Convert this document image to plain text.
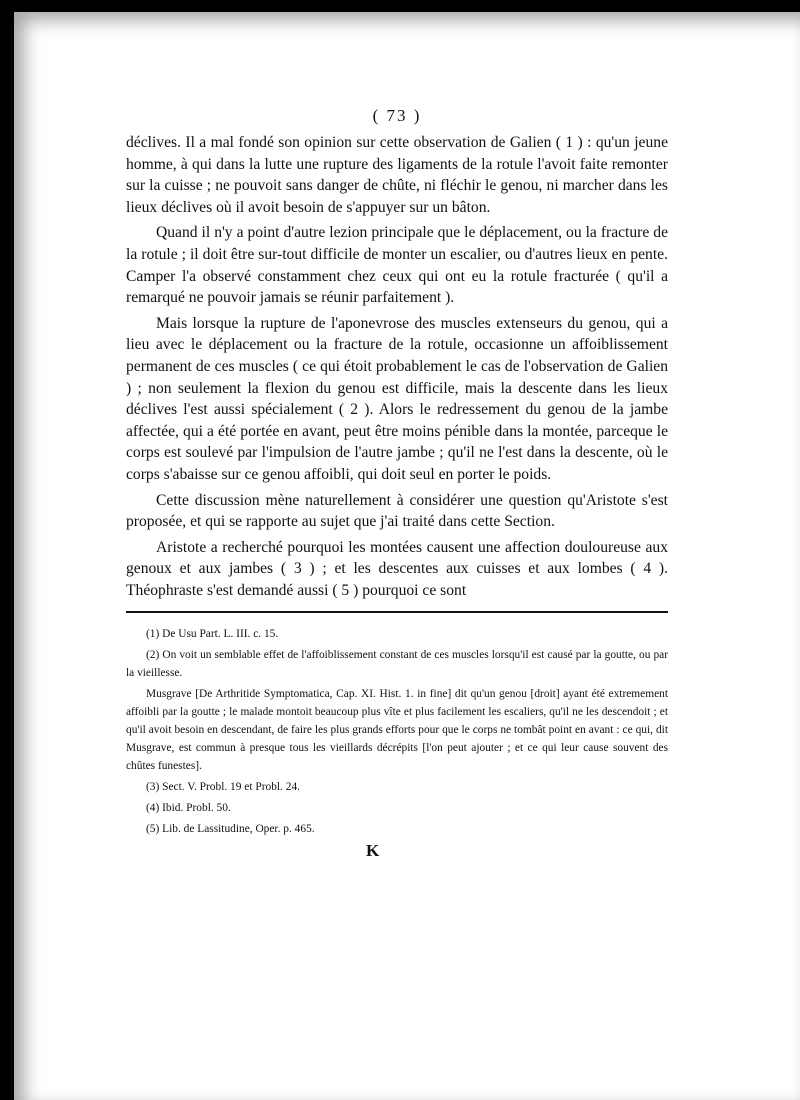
( 73 )

déclives. Il a mal fondé son opinion sur cette observation de Galien ( 1 ) : qu'un jeune homme, à qui dans la lutte une rupture des ligaments de la rotule l'avoit faite remonter sur la cuisse ; ne pouvoit sans danger de chûte, ni fléchir le genou, ni marcher dans les lieux déclives où il avoit besoin de s'appuyer sur un bâton.

Quand il n'y a point d'autre lezion principale que le déplacement, ou la fracture de la rotule ; il doit être sur-tout difficile de monter un escalier, ou d'autres lieux en pente. Camper l'a observé constamment chez ceux qui ont eu la rotule fracturée ( qu'il a remarqué ne pouvoir jamais se réunir parfaitement ).

Mais lorsque la rupture de l'aponevrose des muscles extenseurs du genou, qui a lieu avec le déplacement ou la fracture de la rotule, occasionne un affoiblissement permanent de ces muscles ( ce qui étoit probablement le cas de l'observation de Galien ) ; non seulement la flexion du genou est difficile, mais la descente dans les lieux déclives l'est aussi spécialement ( 2 ). Alors le redressement du genou de la jambe affectée, qui a été portée en avant, peut être moins pénible dans la montée, parceque le corps est soulevé par l'impulsion de l'autre jambe ; qu'il ne l'est dans la descente, où le corps s'abaisse sur ce genou affoibli, qui doit seul en porter le poids.

Cette discussion mène naturellement à considérer une question qu'Aristote s'est proposée, et qui se rapporte au sujet que j'ai traité dans cette Section.

Aristote a recherché pourquoi les montées causent une affection douloureuse aux genoux et aux jambes ( 3 ) ; et les descentes aux cuisses et aux lombes ( 4 ). Théophraste s'est demandé aussi ( 5 ) pourquoi ce sont

(1) De Usu Part. L. III. c. 15.

(2) On voit un semblable effet de l'affoiblissement constant de ces muscles lorsqu'il est causé par la goutte, ou par la vieillesse.

Musgrave [De Arthritide Symptomatica, Cap. XI. Hist. 1. in fine] dit qu'un genou [droit] ayant été extremement affoibli par la goutte ; le malade montoit beaucoup plus vîte et plus facilement les escaliers, qu'il ne les descendoit ; et qu'il avoit besoin en descendant, de faire les plus grands efforts pour que le corps ne tombât point en avant : ce qui, dit Musgrave, est commun à presque tous les vieillards décrépits [l'on peut ajouter ; et ce qui leur cause souvent des chûtes funestes].

(3) Sect. V. Probl. 19 et Probl. 24.

(4) Ibid. Probl. 50.

(5) Lib. de Lassitudine, Oper. p. 465.

K
